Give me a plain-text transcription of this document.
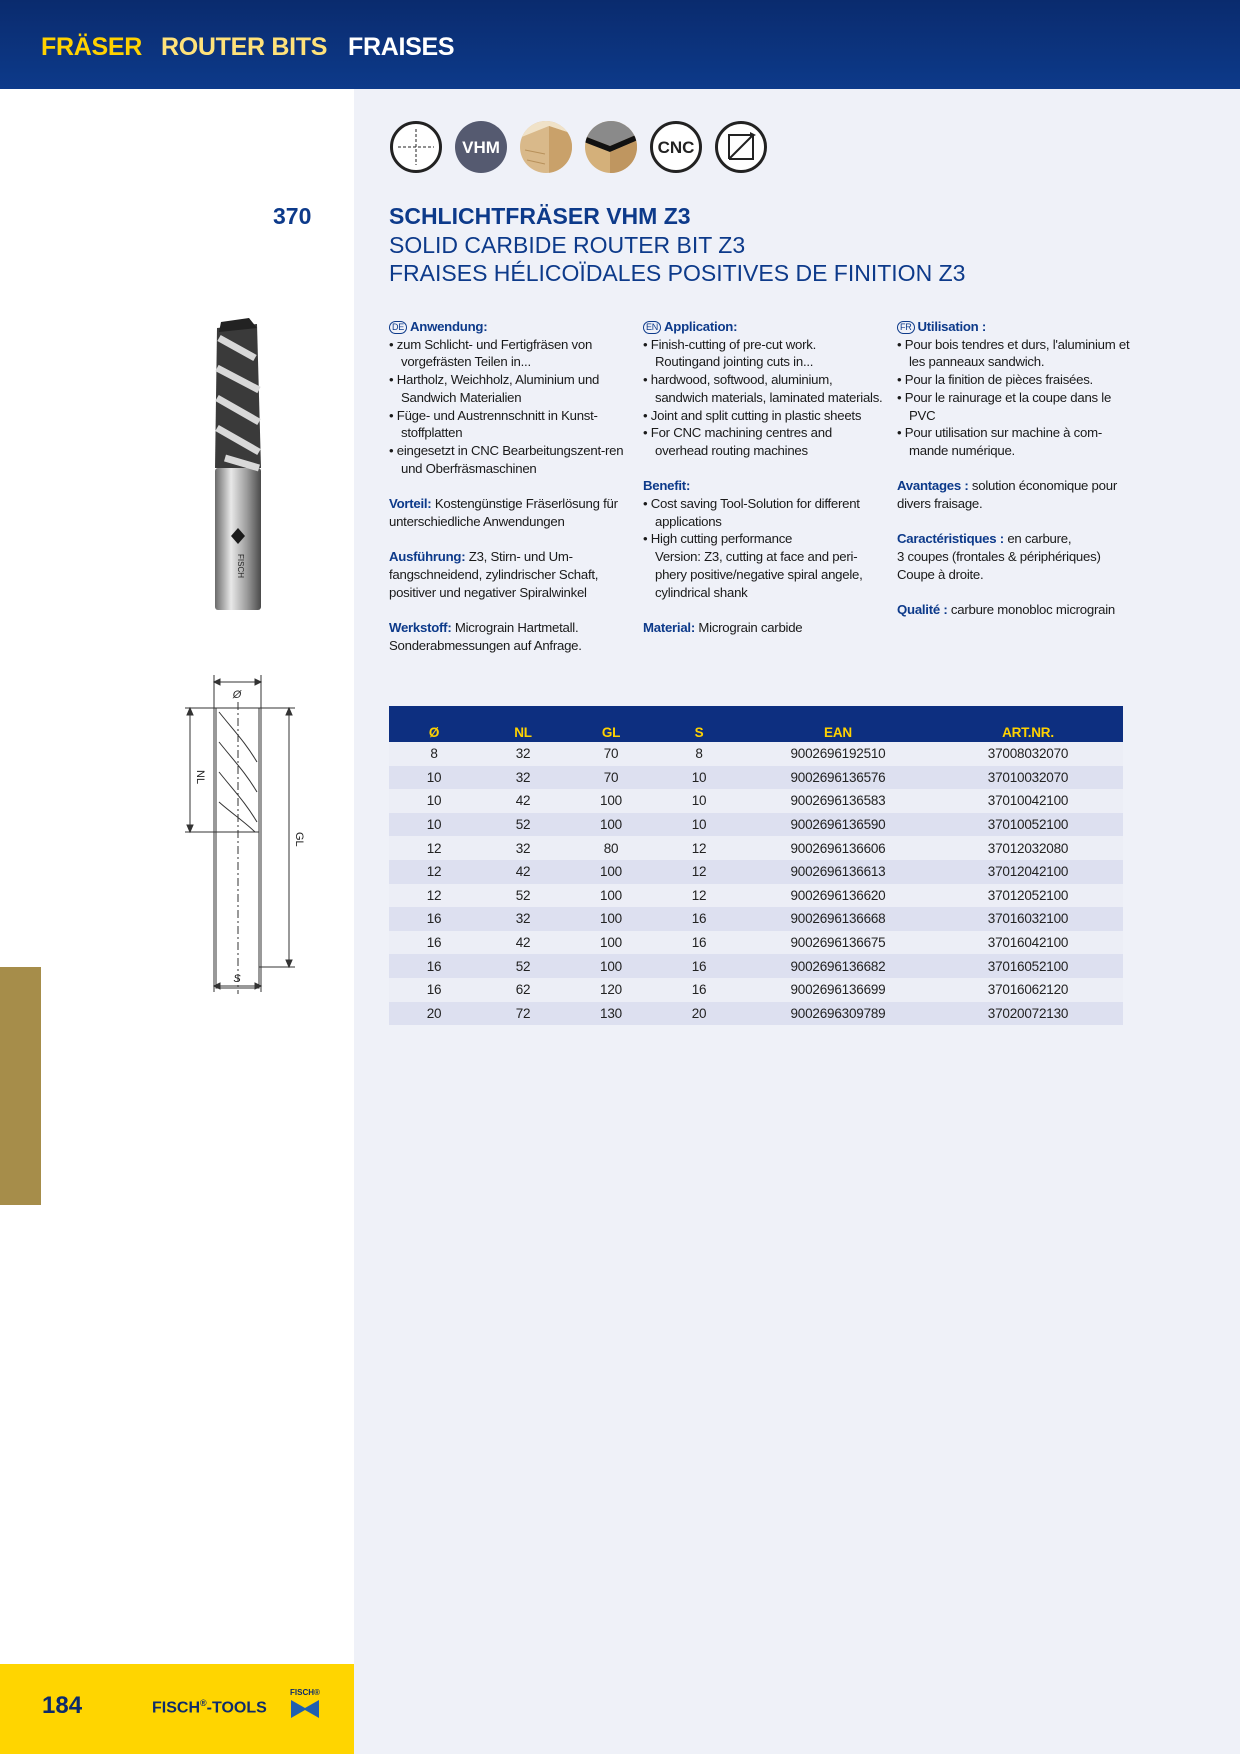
FRÄSER ROUTER BITS FRAISES
VHM	CNC
370	SCHLICHTFRÄSER VHM Z3
SOLID CARBIDE ROUTER BIT Z3
FRAISES HÉLICOÏDALES POSITIVES DE FINITION Z3
FISCH
Ø
NL
GL
S

DE Anwendung:

• zum Schlicht- und Fertigfräsen von vorgefrästen Teilen in...
• Hartholz, Weichholz, Aluminium und Sandwich Materialien
• Füge- und Austrennschnitt in Kunst-stoffplatten
• eingesetzt in CNC Bearbeitungszent-ren und Oberfräsmaschinen

Vorteil: Kostengünstige Fräserlösung für unterschiedliche Anwendungen

Ausführung: Z3, Stirn- und Um-fangschneidend, zylindrischer Schaft, positiver und negativer Spiralwinkel

Werkstoff: Micrograin Hartmetall.

Sonderabmessungen auf Anfrage.

EN Application:

• Finish-cutting of pre-cut work. Routingand jointing cuts in...
• hardwood, softwood, aluminium, sandwich materials, laminated materials.
• Joint and split cutting in plastic sheets
• For CNC machining centres and overhead routing machines

Benefit:

• Cost saving Tool-Solution for different applications
• High cutting performance

Version: Z3, cutting at face and peri-phery positive/negative spiral angele, cylindrical shank

Material: Micrograin carbide

FR Utilisation :

• Pour bois tendres et durs, l'aluminium et les panneaux sandwich.
• Pour la finition de pièces fraisées.
• Pour le rainurage et la coupe dans le PVC
• Pour utilisation sur machine à com-mande numérique.

Avantages : solution économique pour divers fraisage.

Caractéristiques : en carbure,

3 coupes (frontales & périphériques)

Coupe à droite.

Qualité : carbure monobloc micrograin

Ø	NL	GL	S	EAN	ART.NR.
8	32	70	8	9002696192510	37008032070
10	32	70	10	9002696136576	37010032070
10	42	100	10	9002696136583	37010042100
10	52	100	10	9002696136590	37010052100
12	32	80	12	9002696136606	37012032080
12	42	100	12	9002696136613	37012042100
12	52	100	12	9002696136620	37012052100
16	32	100	16	9002696136668	37016032100
16	42	100	16	9002696136675	37016042100
16	52	100	16	9002696136682	37016052100
16	62	120	16	9002696136699	37016062120
20	72	130	20	9002696309789	37020072130
184	FISCH®-TOOLS
FISCH®
